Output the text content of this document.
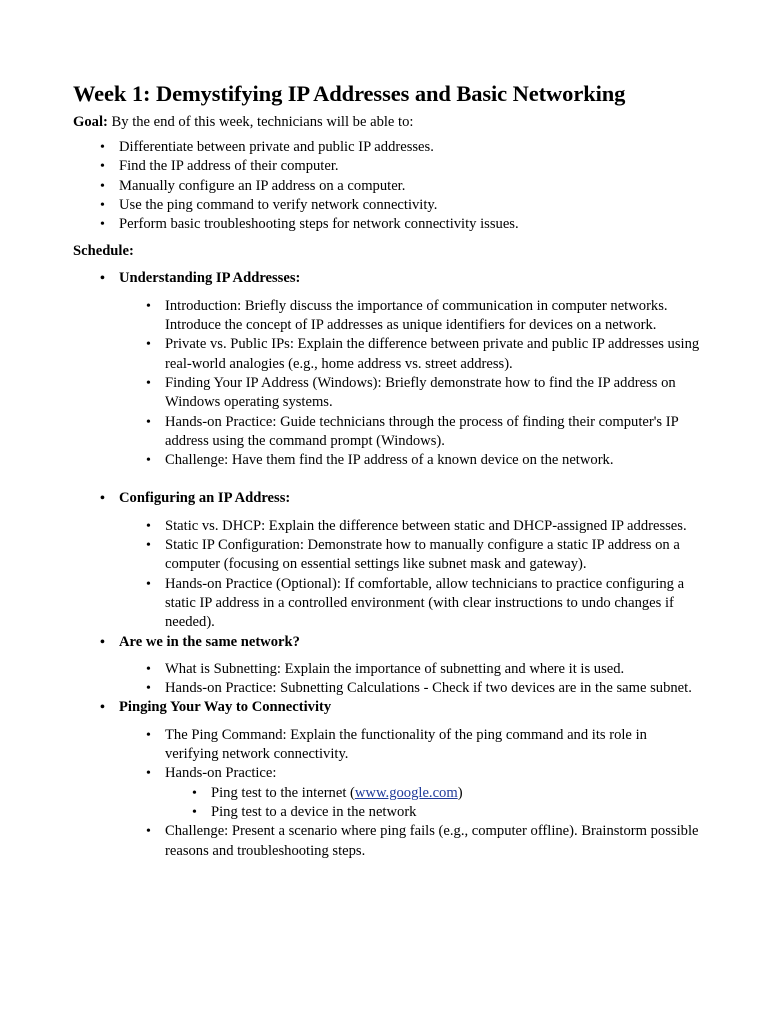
Week 1: Demystifying IP Addresses and Basic Networking

Goal: By the end of this week, technicians will be able to:

• Differentiate between private and public IP addresses.
• Find the IP address of their computer.
• Manually configure an IP address on a computer.
• Use the ping command to verify network connectivity.
• Perform basic troubleshooting steps for network connectivity issues.

Schedule:

• Understanding IP Addresses:
• Introduction: Briefly discuss the importance of communication in computer networks. Introduce the concept of IP addresses as unique identifiers for devices on a network.
• Private vs. Public IPs: Explain the difference between private and public IP addresses using real-world analogies (e.g., home address vs. street address).
• Finding Your IP Address (Windows): Briefly demonstrate how to find the IP address on Windows operating systems.
• Hands-on Practice: Guide technicians through the process of finding their computer's IP address using the command prompt (Windows).
• Challenge: Have them find the IP address of a known device on the network.
• Configuring an IP Address:
• Static vs. DHCP: Explain the difference between static and DHCP-assigned IP addresses.
• Static IP Configuration: Demonstrate how to manually configure a static IP address on a computer (focusing on essential settings like subnet mask and gateway).
• Hands-on Practice (Optional): If comfortable, allow technicians to practice configuring a static IP address in a controlled environment (with clear instructions to undo changes if needed).
• Are we in the same network?
• What is Subnetting: Explain the importance of subnetting and where it is used.
• Hands-on Practice: Subnetting Calculations - Check if two devices are in the same subnet.
• Pinging Your Way to Connectivity
• The Ping Command: Explain the functionality of the ping command and its role in verifying network connectivity.
• Hands-on Practice:
• Ping test to the internet (www.google.com)
• Ping test to a device in the network
• Challenge: Present a scenario where ping fails (e.g., computer offline). Brainstorm possible reasons and troubleshooting steps.
